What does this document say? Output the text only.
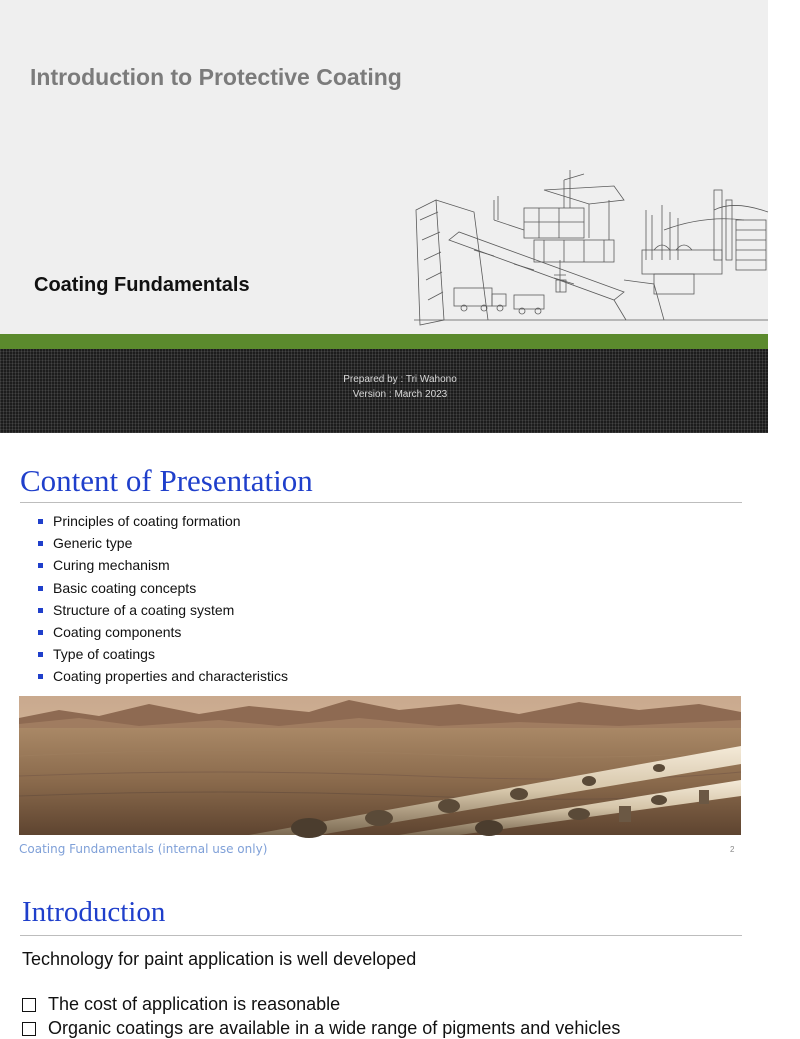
Introduction to Protective Coating
Coating Fundamentals
Prepared by : Tri Wahono
Version : March 2023
Content of Presentation
Principles of coating formation
Generic type
Curing mechanism
Basic coating concepts
Structure of a coating system
Coating components
Type of coatings
Coating properties and characteristics
Coating Fundamentals (internal use only)	2
Introduction
Technology for paint application is well developed
The cost of application is reasonable
Organic coatings are available in a wide range of pigments and vehicles
